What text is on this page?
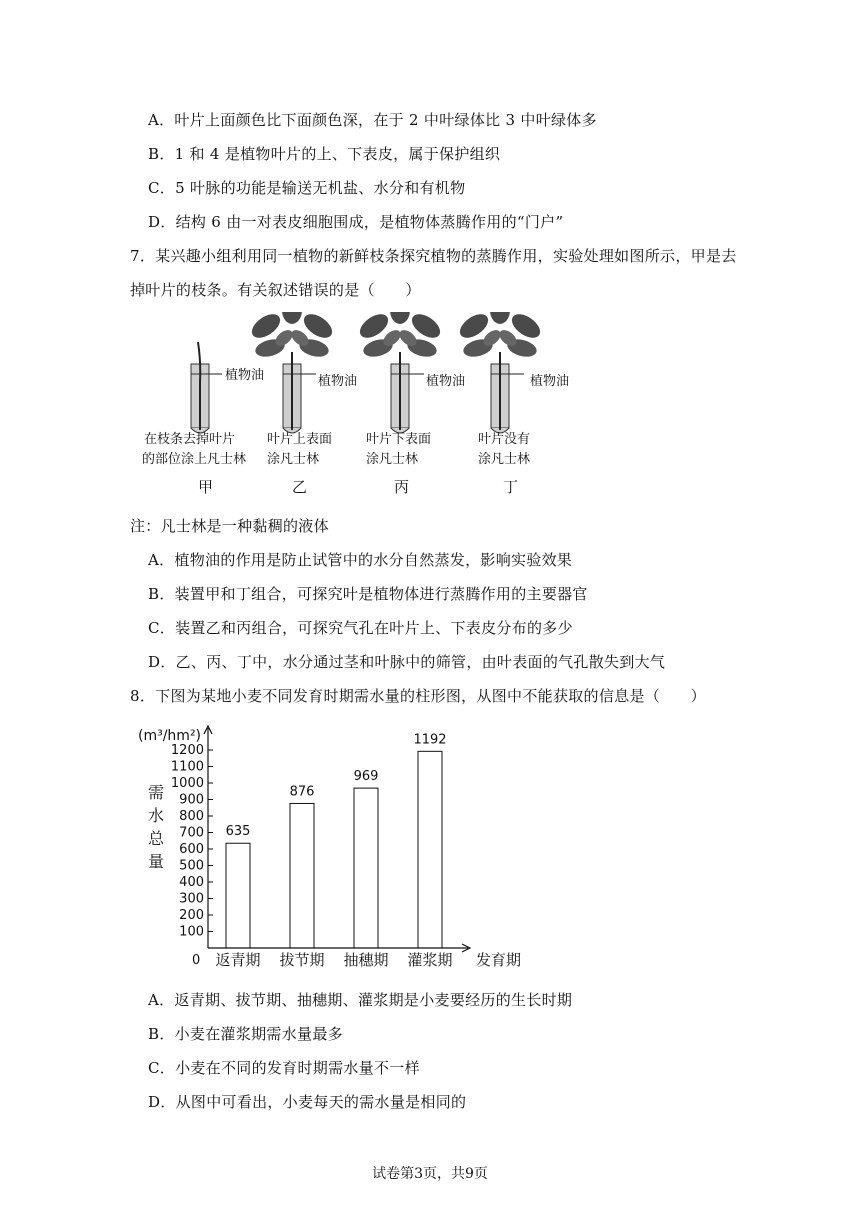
A．叶片上面颜色比下面颜色深，在于 2 中叶绿体比 3 中叶绿体多
B．1 和 4 是植物叶片的上、下表皮，属于保护组织
C．5 叶脉的功能是输送无机盐、水分和有机物
D．结构 6 由一对表皮细胞围成，是植物体蒸腾作用的“门户”
7．某兴趣小组利用同一植物的新鲜枝条探究植物的蒸腾作用，实验处理如图所示，甲是去
掉叶片的枝条。有关叙述错误的是（　　）
植物油	植物油	植物油	植物油
在枝条去掉叶片
的部位涂上凡士林
甲
叶片上表面
涂凡士林
乙
叶片下表面
涂凡士林
丙
叶片没有
涂凡士林
丁
注：凡士林是一种黏稠的液体
A．植物油的作用是防止试管中的水分自然蒸发，影响实验效果
B．装置甲和丁组合，可探究叶是植物体进行蒸腾作用的主要器官
C．装置乙和丙组合，可探究气孔在叶片上、下表皮分布的多少
D．乙、丙、丁中，水分通过茎和叶脉中的筛管，由叶表面的气孔散失到大气
8．下图为某地小麦不同发育时期需水量的柱形图，从图中不能获取的信息是（　　）
(m³/hm²)
需
水
总
量
100
200
300
400
500
600
700
800
900
1000
1100
1200
635
876
969
1192
返青期 拔节期 抽穗期 灌浆期
0	发育期
A．返青期、拔节期、抽穗期、灌浆期是小麦要经历的生长时期
B．小麦在灌浆期需水量最多
C．小麦在不同的发育时期需水量不一样
D．从图中可看出，小麦每天的需水量是相同的
试卷第3页，共9页
